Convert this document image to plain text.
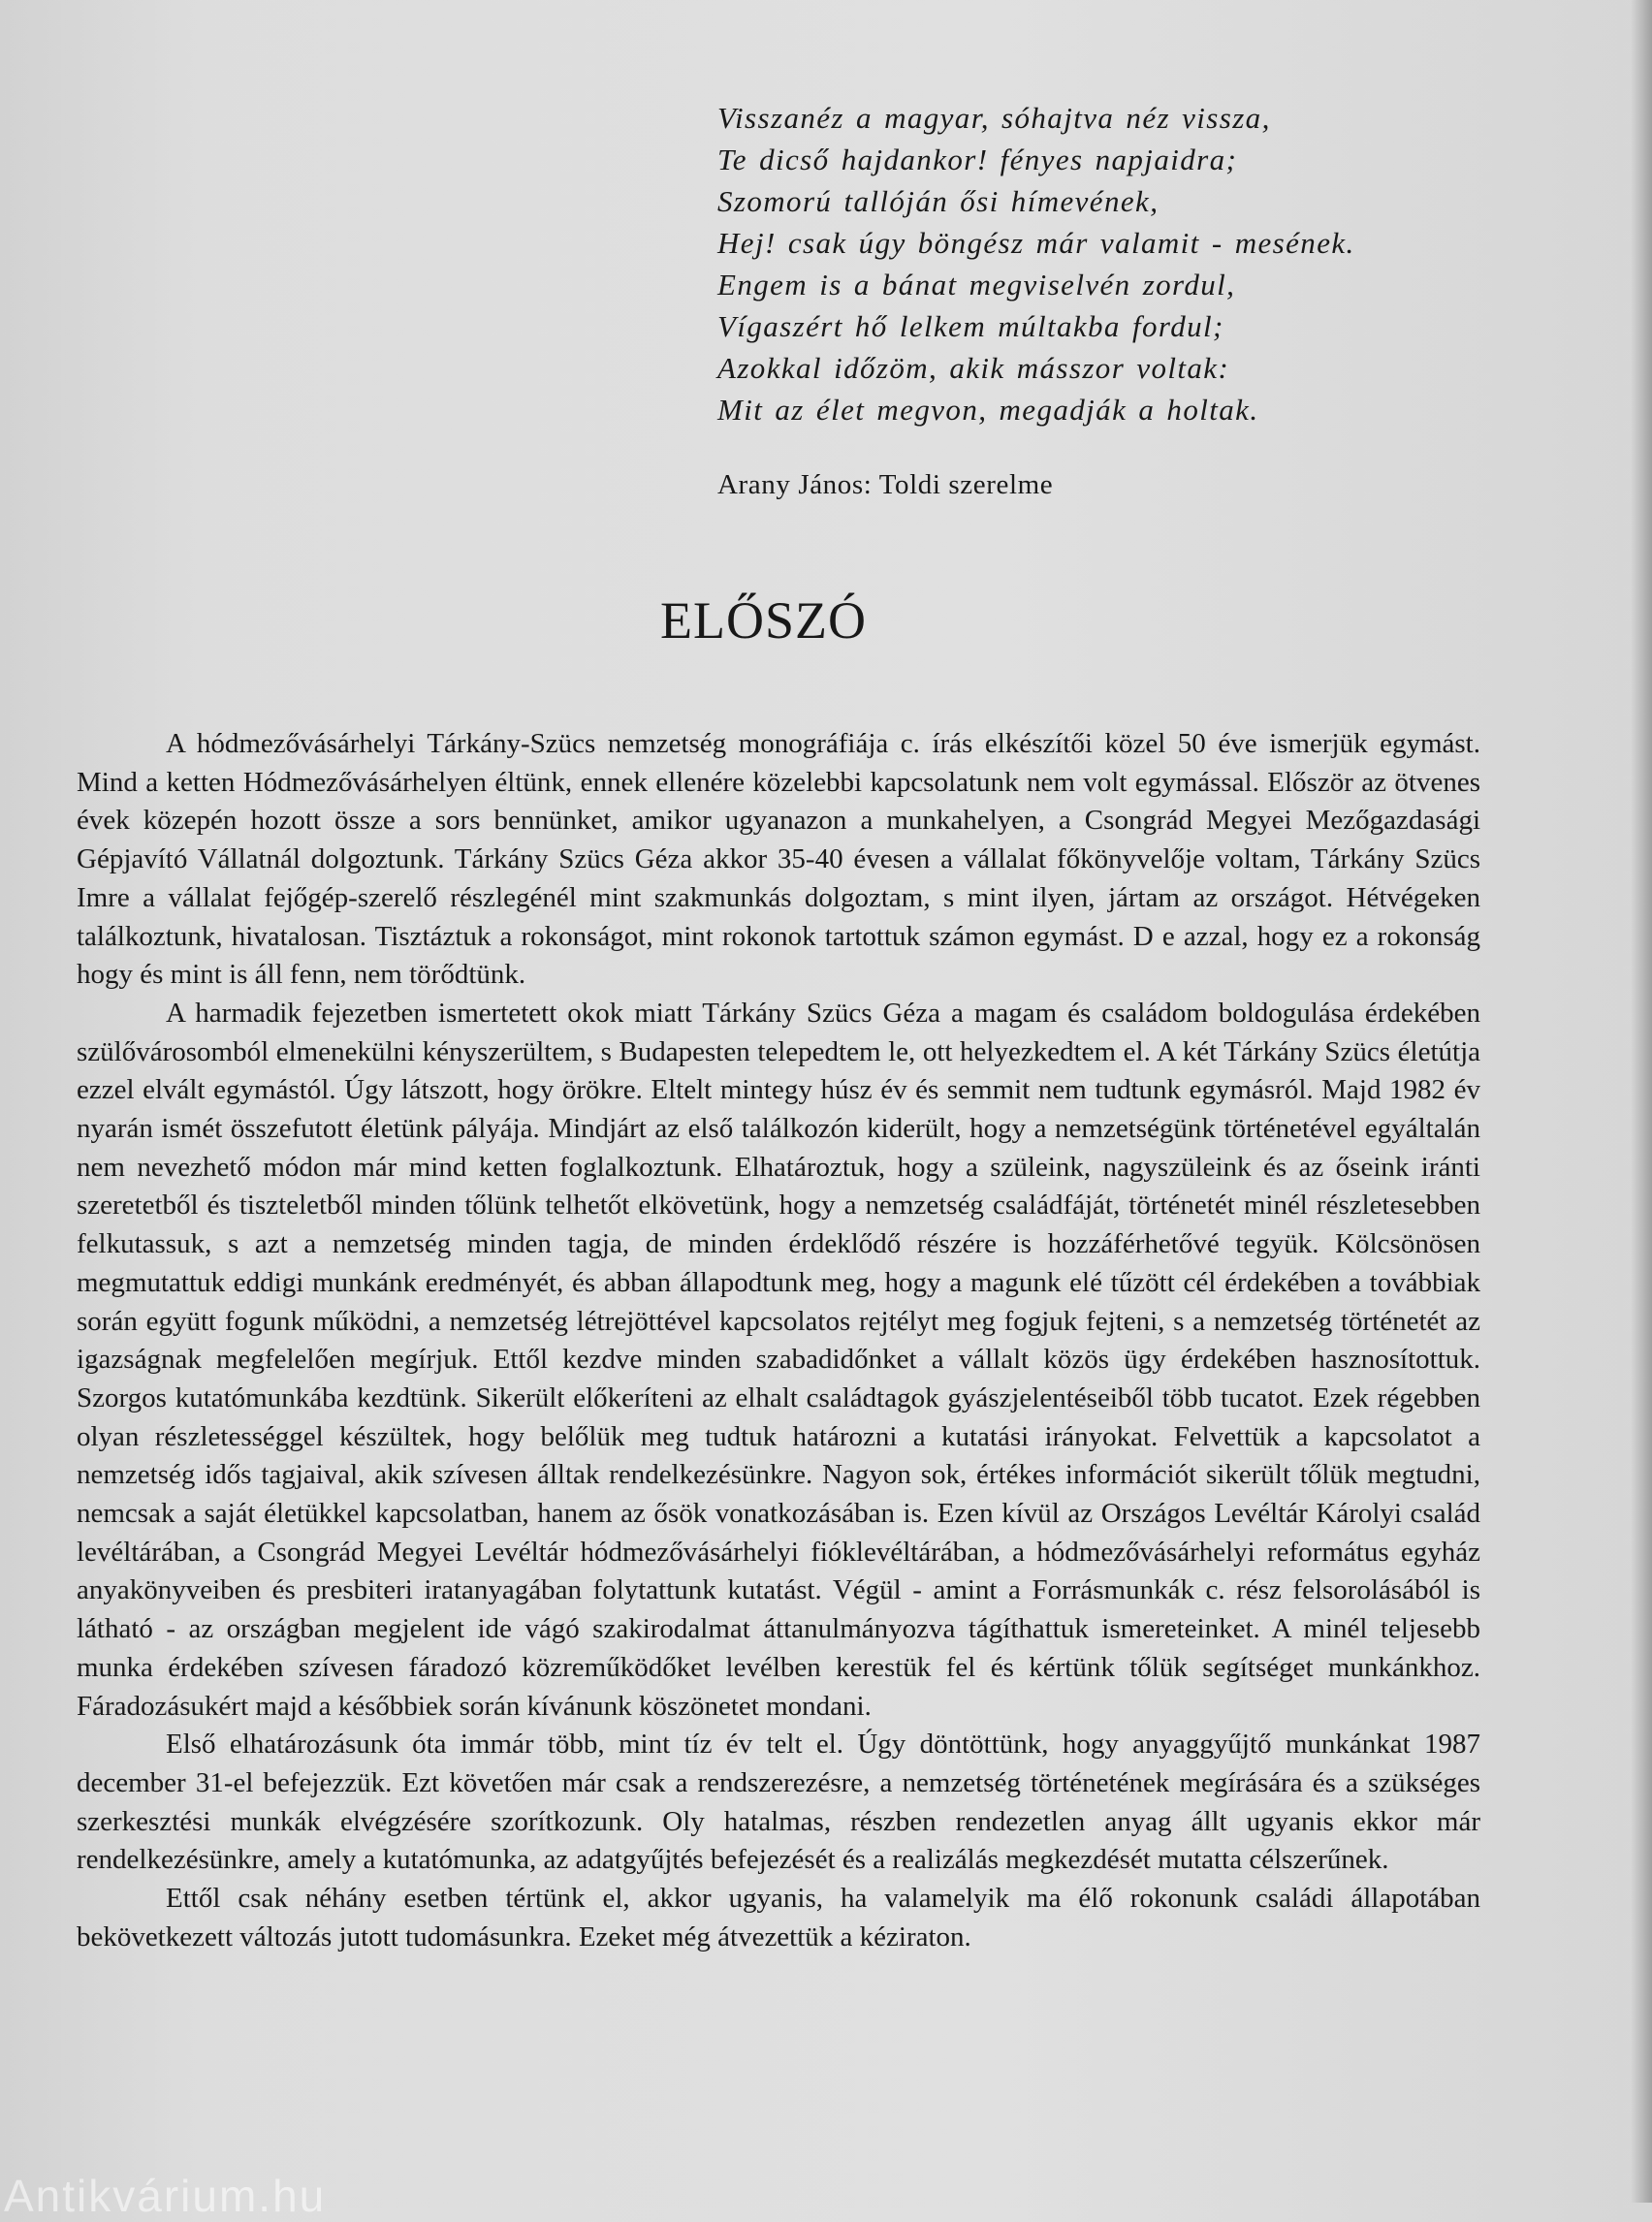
Visszanéz a magyar, sóhajtva néz vissza,
Te dicső hajdankor! fényes napjaidra;
Szomorú tallóján ősi hímevének,
Hej! csak úgy böngész már valamit - mesének.
Engem is a bánat megviselvén zordul,
Vígaszért hő lelkem múltakba fordul;
Azokkal időzöm, akik másszor voltak:
Mit az élet megvon, megadják a holtak.
Arany János: Toldi szerelme
ELŐSZÓ

A hódmezővásárhelyi Tárkány-Szücs nemzetség monográfiája c. írás elkészítői közel 50 éve ismerjük egymást. Mind a ketten Hódmezővásárhelyen éltünk, ennek ellenére közelebbi kapcsolatunk nem volt egymással. Először az ötvenes évek közepén hozott össze a sors bennünket, amikor ugyanazon a munkahelyen, a Csongrád Megyei Mezőgazdasági Gépjavító Vállatnál dolgoztunk. Tárkány Szücs Géza akkor 35-40 évesen a vállalat főkönyvelője voltam, Tárkány Szücs Imre a vállalat fejőgép-szerelő részlegénél mint szakmunkás dolgoztam, s mint ilyen, jártam az országot. Hétvégeken találkoztunk, hivatalosan. Tisztáztuk a rokonságot, mint rokonok tartottuk számon egymást. D e azzal, hogy ez a rokonság hogy és mint is áll fenn, nem törődtünk.

A harmadik fejezetben ismertetett okok miatt Tárkány Szücs Géza a magam és családom boldogulása érdekében szülővárosomból elmenekülni kényszerültem, s Budapesten telepedtem le, ott helyezkedtem el. A két Tárkány Szücs életútja ezzel elvált egymástól. Úgy látszott, hogy örökre. Eltelt mintegy húsz év és semmit nem tudtunk egymásról. Majd 1982 év nyarán ismét összefutott életünk pályája. Mindjárt az első találkozón kiderült, hogy a nemzetségünk történetével egyáltalán nem nevezhető módon már mind ketten foglalkoztunk. Elhatároztuk, hogy a szüleink, nagyszüleink és az őseink iránti szeretetből és tiszteletből minden tőlünk telhetőt elkövetünk, hogy a nemzetség családfáját, történetét minél részletesebben felkutassuk, s azt a nemzetség minden tagja, de minden érdeklődő részére is hozzáférhetővé tegyük. Kölcsönösen megmutattuk eddigi munkánk eredményét, és abban állapodtunk meg, hogy a magunk elé tűzött cél érdekében a továbbiak során együtt fogunk működni, a nemzetség létrejöttével kapcsolatos rejtélyt meg fogjuk fejteni, s a nemzetség történetét az igazságnak megfelelően megírjuk. Ettől kezdve minden szabadidőnket a vállalt közös ügy érdekében hasznosítottuk. Szorgos kutatómunkába kezdtünk. Sikerült előkeríteni az elhalt családtagok gyászjelentéseiből több tucatot. Ezek régebben olyan részletességgel készültek, hogy belőlük meg tudtuk határozni a kutatási irányokat. Felvettük a kapcsolatot a nemzetség idős tagjaival, akik szívesen álltak rendelkezésünkre. Nagyon sok, értékes információt sikerült tőlük megtudni, nemcsak a saját életükkel kapcsolatban, hanem az ősök vonatkozásában is. Ezen kívül az Országos Levéltár Károlyi család levéltárában, a Csongrád Megyei Levéltár hódmezővásárhelyi fióklevéltárában, a hódmezővásárhelyi református egyház anyakönyveiben és presbiteri iratanyagában folytattunk kutatást. Végül - amint a Forrásmunkák c. rész felsorolásából is látható - az országban megjelent ide vágó szakirodalmat áttanulmányozva tágíthattuk ismereteinket. A minél teljesebb munka érdekében szívesen fáradozó közreműködőket levélben kerestük fel és kértünk tőlük segítséget munkánkhoz. Fáradozásukért majd a későbbiek során kívánunk köszönetet mondani.

Első elhatározásunk óta immár több, mint tíz év telt el. Úgy döntöttünk, hogy anyaggyűjtő munkánkat 1987 december 31-el befejezzük. Ezt követően már csak a rendszerezésre, a nemzetség történetének megírására és a szükséges szerkesztési munkák elvégzésére szorítkozunk. Oly hatalmas, részben rendezetlen anyag állt ugyanis ekkor már rendelkezésünkre, amely a kutatómunka, az adatgyűjtés befejezését és a realizálás megkezdését mutatta célszerűnek.

Ettől csak néhány esetben tértünk el, akkor ugyanis, ha valamelyik ma élő rokonunk családi állapotában bekövetkezett változás jutott tudomásunkra. Ezeket még átvezettük a kéziraton.

Antikvárium.hu
